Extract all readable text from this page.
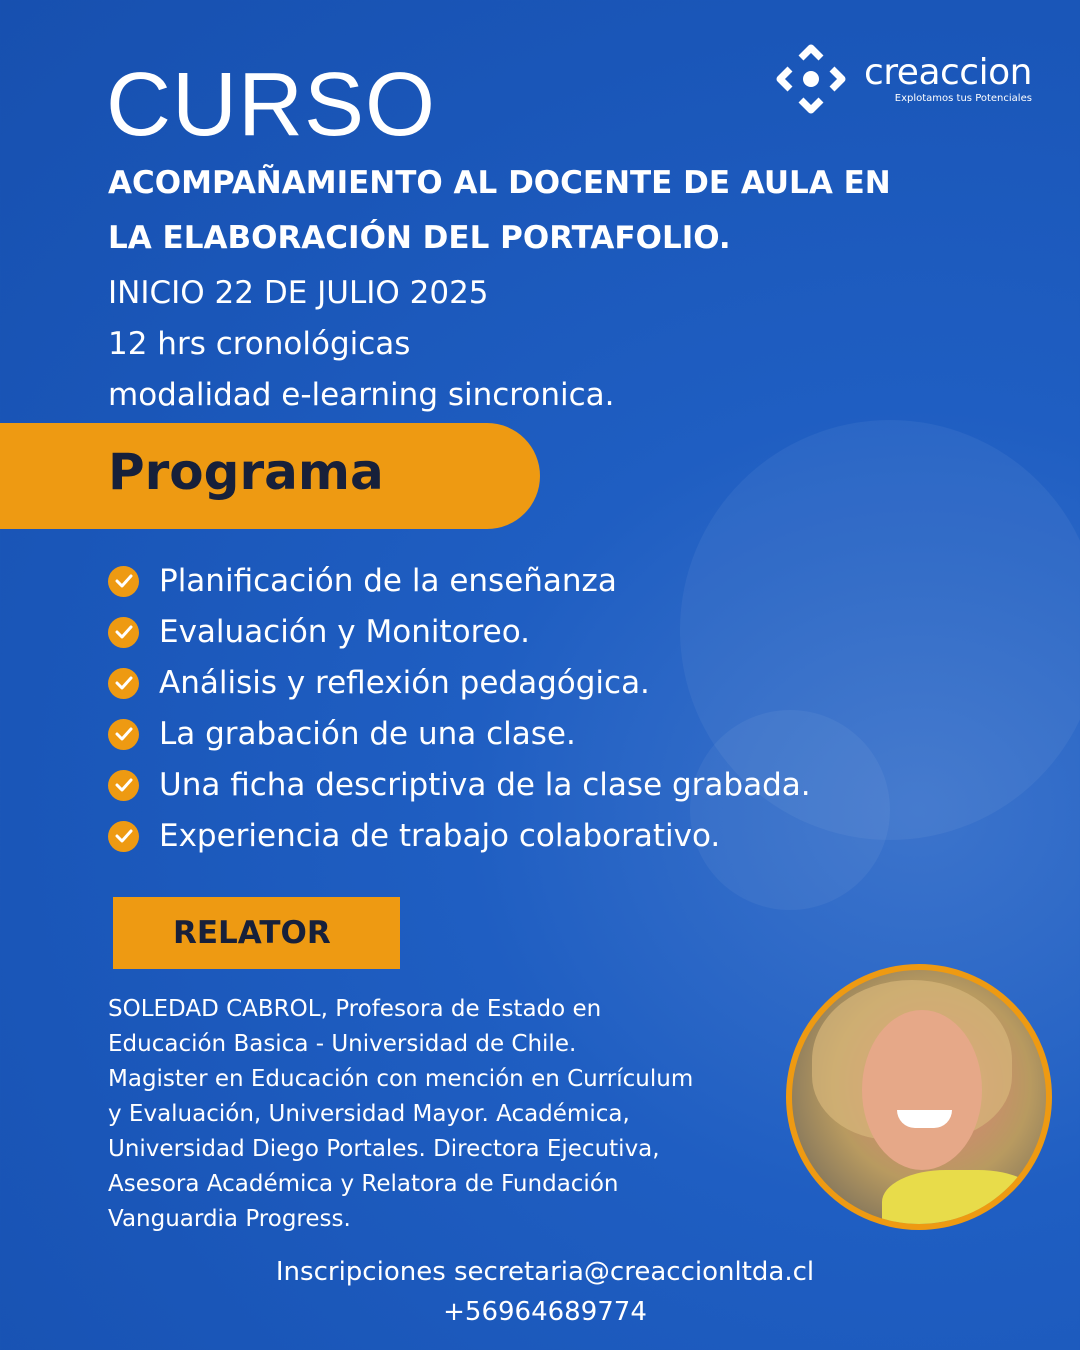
creaccion
Explotamos tus Potenciales
CURSO
ACOMPAÑAMIENTO AL DOCENTE DE AULA EN
LA ELABORACIÓN DEL PORTAFOLIO.
INICIO 22 DE JULIO 2025
12 hrs cronológicas
modalidad e-learning sincronica.
Programa
Planificación de la enseñanza
Evaluación y Monitoreo.
Análisis y reflexión pedagógica.
La grabación de una clase.
Una ficha descriptiva de la clase grabada.
Experiencia de trabajo colaborativo.
RELATOR
SOLEDAD CABROL, Profesora de Estado en
Educación Basica - Universidad de Chile.
Magister en Educación con mención en Currículum
y Evaluación, Universidad Mayor. Académica,
Universidad Diego Portales. Directora Ejecutiva,
Asesora Académica y Relatora de Fundación
Vanguardia Progress.
Inscripciones secretaria@creaccionltda.cl
+56964689774
